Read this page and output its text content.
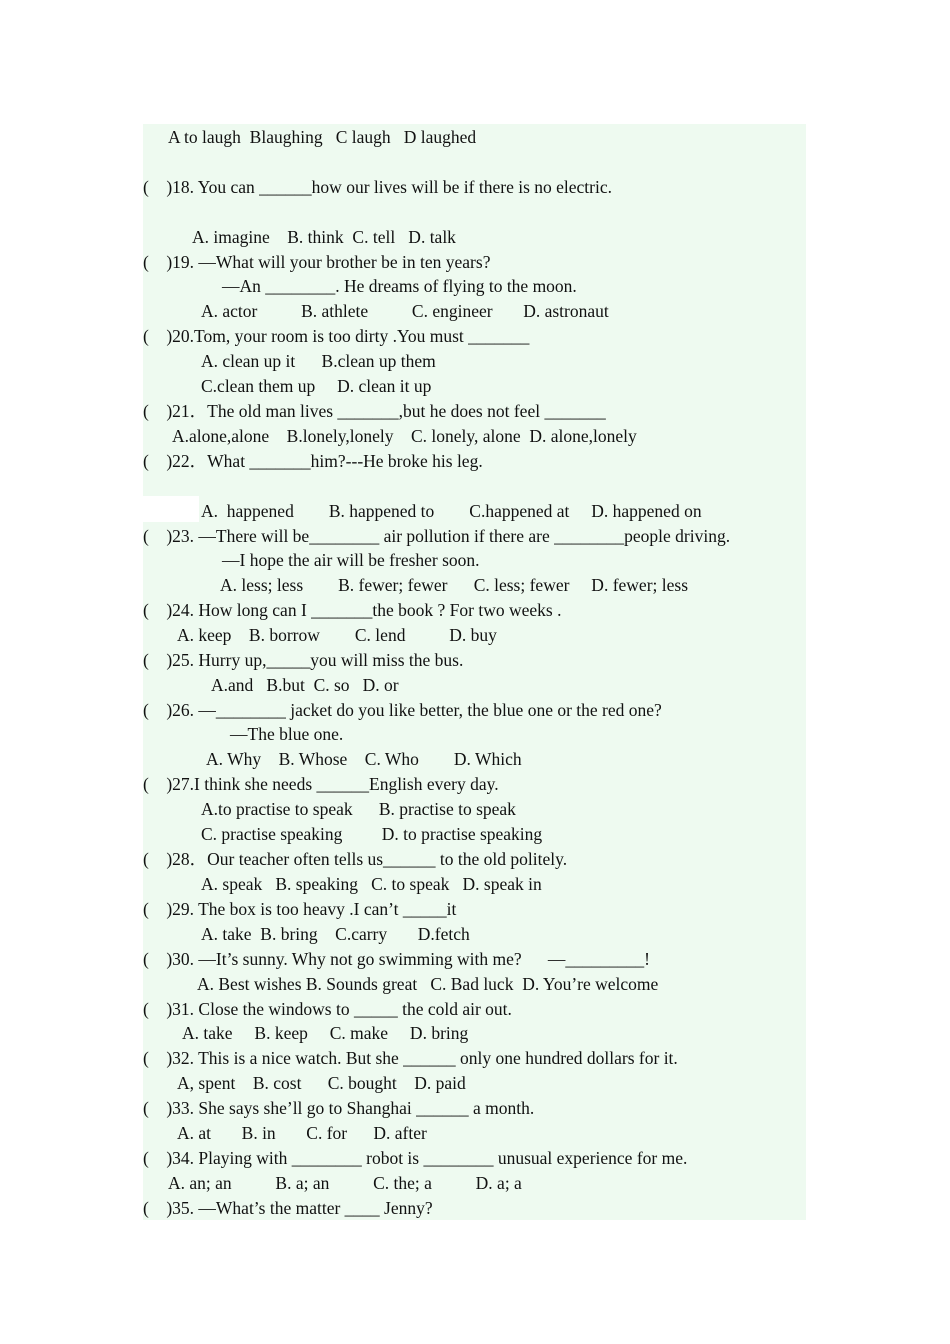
A to laugh  Blaughing   C laugh   D laughed
(    )18. You can ______how our lives will be if there is no electric.
A. imagine    B. think  C. tell   D. talk
(    )19. —What will your brother be in ten years?
—An ________. He dreams of flying to the moon.
A. actor          B. athlete          C. engineer       D. astronaut
(    )20.Tom, your room is too dirty .You must _______
A. clean up it      B.clean up them
C.clean them up     D. clean it up
(    )21．The old man lives _______,but he does not feel _______
A.alone,alone    B.lonely,lonely    C. lonely, alone  D. alone,lonely
(    )22．What _______him?---He broke his leg.
A.  happened        B. happened to        C.happened at     D. happened on
(    )23. —There will be________ air pollution if there are ________people driving.
—I hope the air will be fresher soon.
A. less; less        B. fewer; fewer      C. less; fewer     D. fewer; less
(    )24. How long can I _______the book ? For two weeks .
A. keep    B. borrow        C. lend          D. buy
(    )25. Hurry up,_____you will miss the bus.
A.and   B.but  C. so   D. or
(    )26. —________ jacket do you like better, the blue one or the red one?
—The blue one.
A. Why    B. Whose    C. Who        D. Which
(    )27.I think she needs ______English every day.
A.to practise to speak      B. practise to speak
C. practise speaking         D. to practise speaking
(    )28．Our teacher often tells us______ to the old politely.
A. speak   B. speaking   C. to speak   D. speak in
(    )29. The box is too heavy .I can’t _____it
A. take  B. bring    C.carry       D.fetch
(    )30. —It’s sunny. Why not go swimming with me?      —_________!
A. Best wishes B. Sounds great   C. Bad luck  D. You’re welcome
(    )31. Close the windows to _____ the cold air out.
A. take     B. keep     C. make     D. bring
(    )32. This is a nice watch. But she ______ only one hundred dollars for it.
A, spent    B. cost      C. bought    D. paid
(    )33. She says she’ll go to Shanghai ______ a month.
A. at       B. in       C. for      D. after
(    )34. Playing with ________ robot is ________ unusual experience for me.
A. an; an          B. a; an          C. the; a          D. a; a
(    )35. —What’s the matter ____ Jenny?
